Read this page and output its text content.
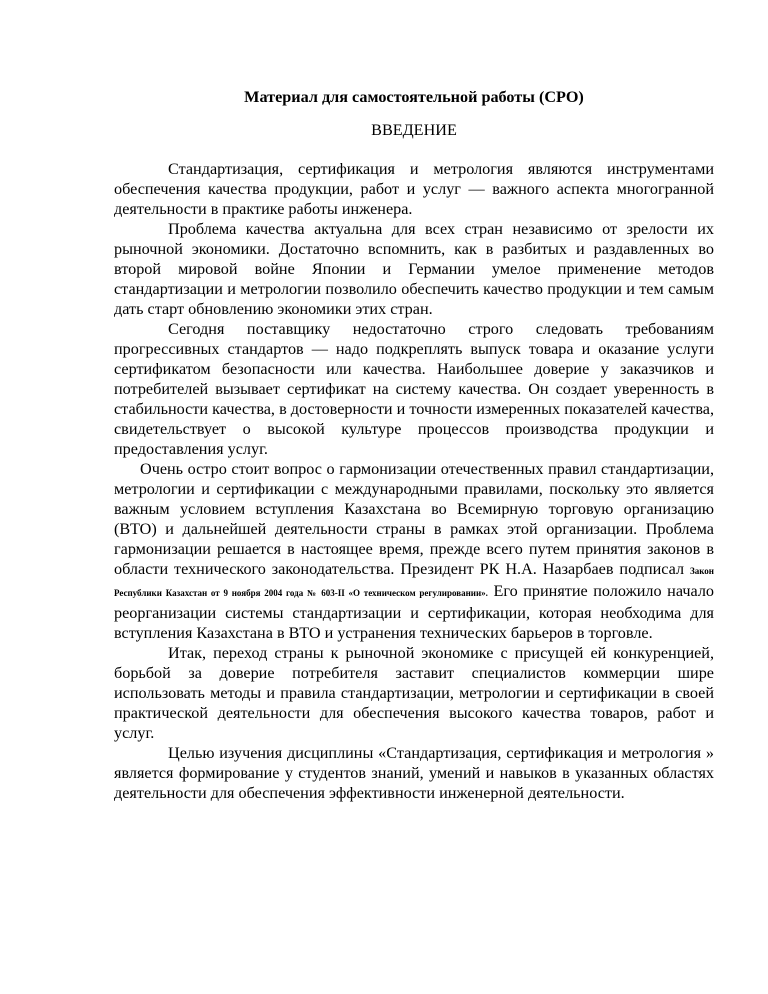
Материал для самостоятельной работы (СРО)
ВВЕДЕНИЕ

Стандартизация, сертификация и метрология являются инструментами обеспечения качества продукции, работ и услуг — важного аспекта многогранной деятельности в практике работы инженера.

Проблема качества актуальна для всех стран независимо от зрелости их рыночной экономики. Достаточно вспомнить, как в разбитых и раздавленных во второй мировой войне Японии и Германии умелое применение методов стандартизации и метрологии позволило обеспечить качество продукции и тем самым дать старт обновлению экономики этих стран.

Сегодня поставщику недостаточно строго следовать требованиям прогрессивных стандартов — надо подкреплять выпуск товара и оказание услуги сертификатом безопасности или качества. Наибольшее доверие у заказчиков и потребителей вызывает сертификат на систему качества. Он создает уверенность в стабильности качества, в достоверности и точности измеренных показателей качества, свидетельствует о высокой культуре процессов производства продукции и предоставления услуг.

Очень остро стоит вопрос о гармонизации отечественных правил стандартизации, метрологии и сертификации с международными правилами, поскольку это является важным условием вступления Казахстана во Всемирную торговую организацию (ВТО) и дальнейшей деятельности страны в рамках этой организации. Проблема гармонизации решается в настоящее время, прежде всего путем принятия законов в области технического законодательства. Президент РК Н.А. Назарбаев подписал Закон Республики Казахстан от 9 ноября 2004 года № 603-II «О техническом регулировании». Его принятие положило начало реорганизации системы стандартизации и сертификации, которая необходима для вступления Казахстана в ВТО и устранения технических барьеров в торговле.

Итак, переход страны к рыночной экономике с присущей ей конкуренцией, борьбой за доверие потребителя заставит специалистов коммерции шире использовать методы и правила стандартизации, метрологии и сертификации в своей практической деятельности для обеспечения высокого качества товаров, работ и услуг.

Целью изучения дисциплины «Стандартизация, сертификация и метрология » является формирование у студентов знаний, умений и навыков в указанных областях деятельности для обеспечения эффективности инженерной деятельности.
